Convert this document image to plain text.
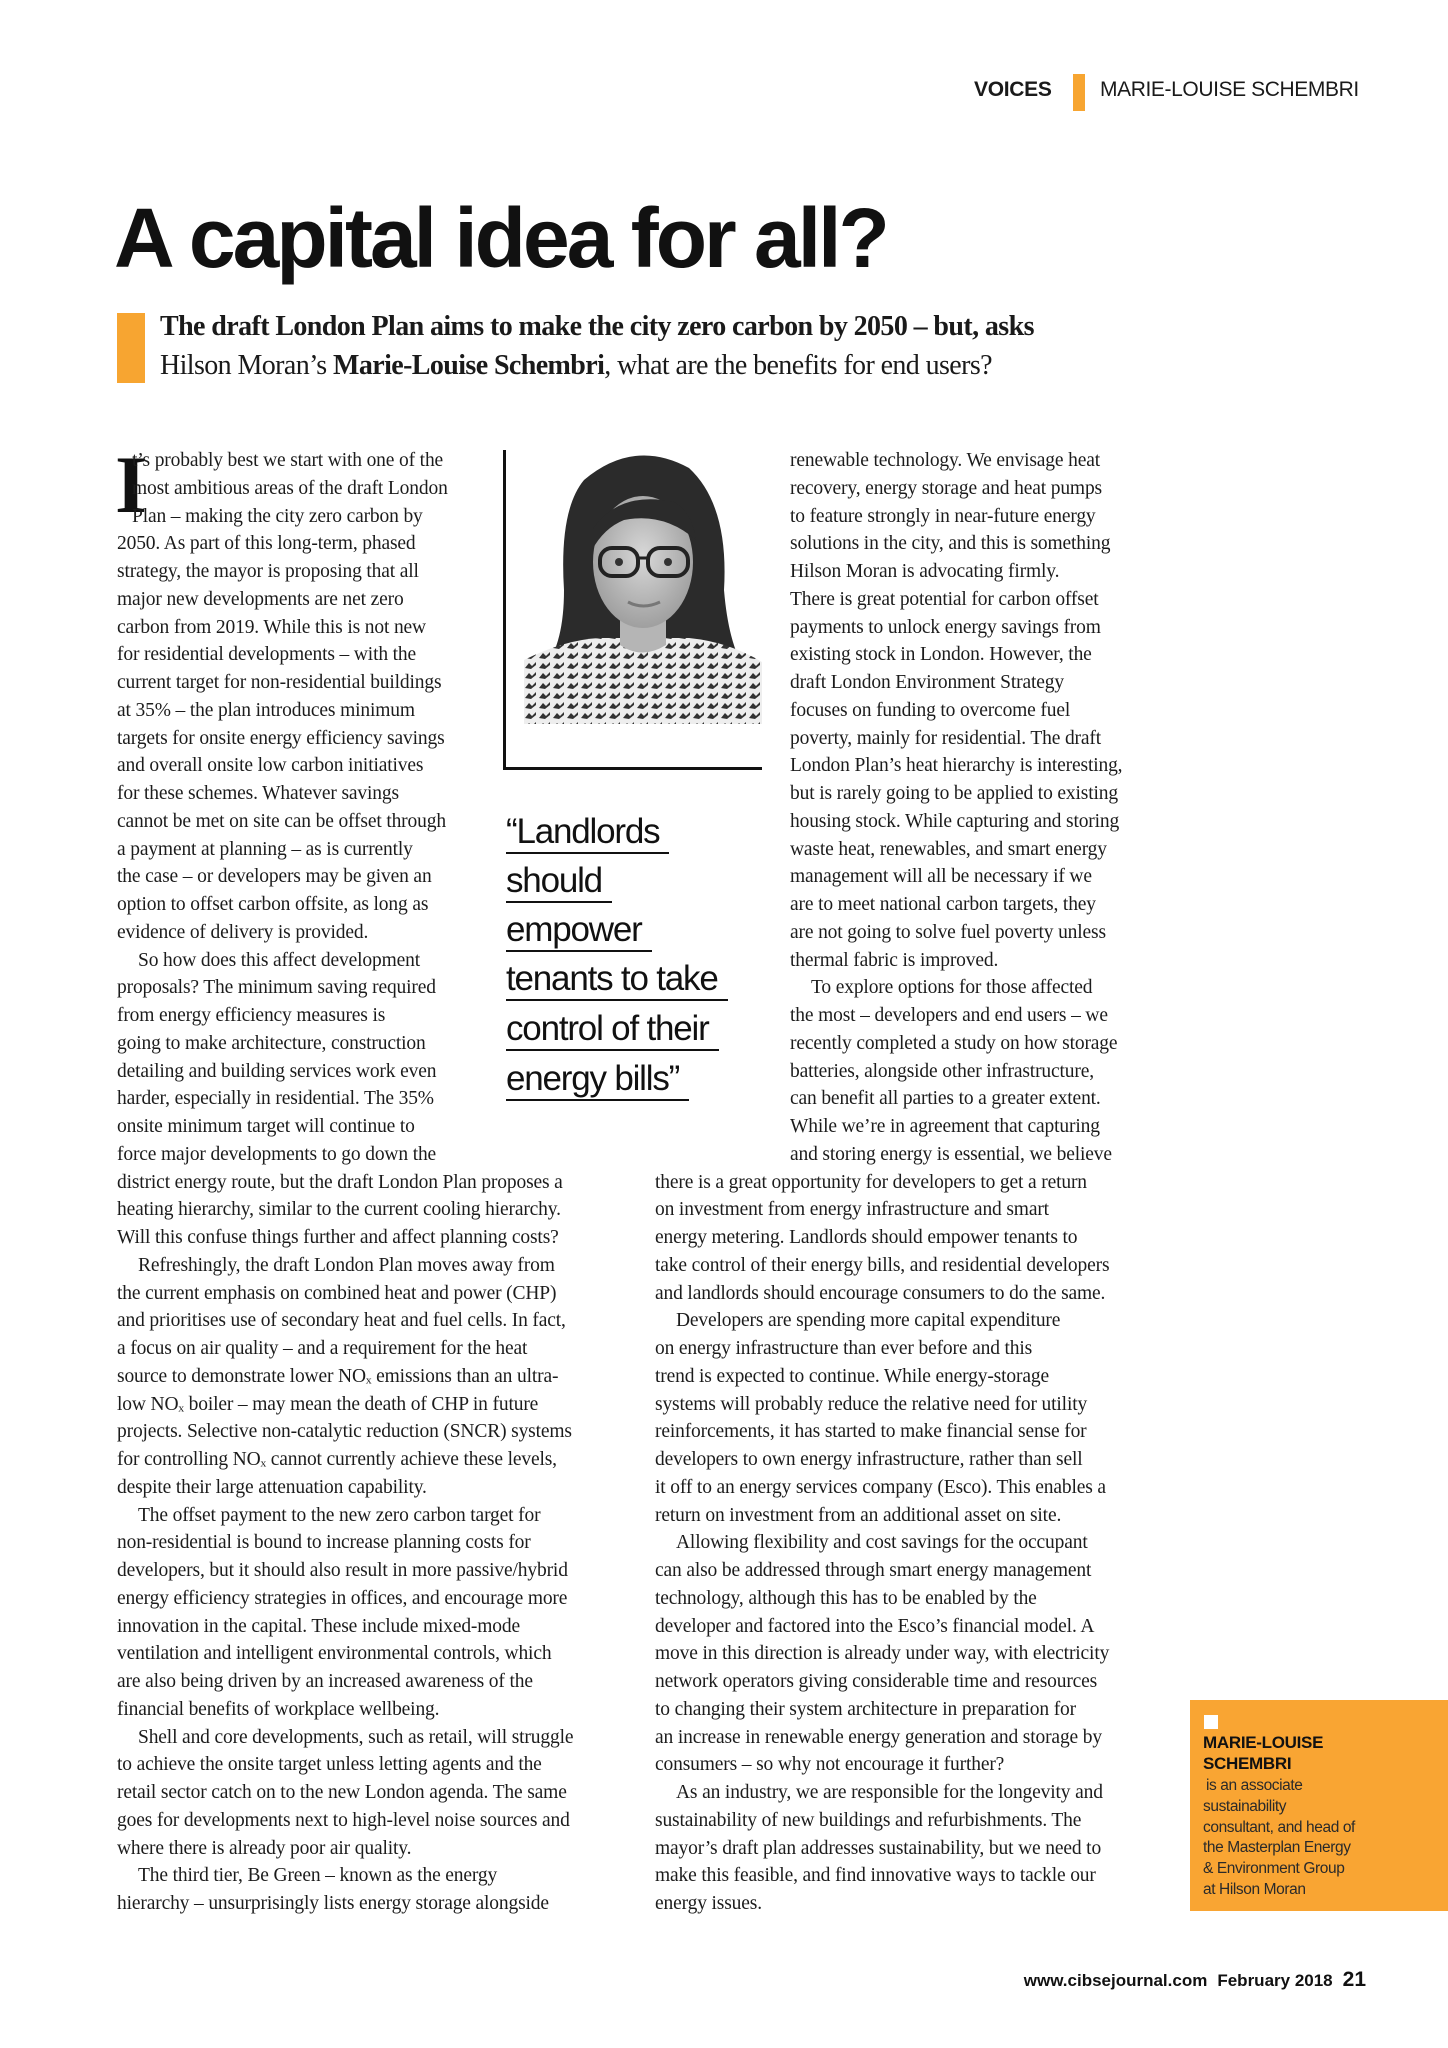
VOICES MARIE-LOUISE SCHEMBRI
A capital idea for all?
The draft London Plan aims to make the city zero carbon by 2050 – but, asks
Hilson Moran’s Marie-Louise Schembri, what are the benefits for end users?
I
t’s probably best we start with one of the
most ambitious areas of the draft London
Plan – making the city zero carbon by
2050. As part of this long-term, phased
strategy, the mayor is proposing that all
major new developments are net zero
carbon from 2019. While this is not new
for residential developments – with the
current target for non-residential buildings
at 35% – the plan introduces minimum
targets for onsite energy efficiency savings
and overall onsite low carbon initiatives
for these schemes. Whatever savings
cannot be met on site can be offset through
a payment at planning – as is currently
the case – or developers may be given an
option to offset carbon offsite, as long as
evidence of delivery is provided.
So how does this affect development
proposals? The minimum saving required
from energy efficiency measures is
going to make architecture, construction
detailing and building services work even
harder, especially in residential. The 35%
onsite minimum target will continue to
force major developments to go down the
district energy route, but the draft London Plan proposes a
heating hierarchy, similar to the current cooling hierarchy.
Will this confuse things further and affect planning costs?
Refreshingly, the draft London Plan moves away from
the current emphasis on combined heat and power (CHP)
and prioritises use of secondary heat and fuel cells. In fact,
a focus on air quality – and a requirement for the heat
source to demonstrate lower NOₓ emissions than an ultra-
low NOₓ boiler – may mean the death of CHP in future
projects. Selective non-catalytic reduction (SNCR) systems
for controlling NOₓ cannot currently achieve these levels,
despite their large attenuation capability.
The offset payment to the new zero carbon target for
non-residential is bound to increase planning costs for
developers, but it should also result in more passive/hybrid
energy efficiency strategies in offices, and encourage more
innovation in the capital. These include mixed-mode
ventilation and intelligent environmental controls, which
are also being driven by an increased awareness of the
financial benefits of workplace wellbeing.
Shell and core developments, such as retail, will struggle
to achieve the onsite target unless letting agents and the
retail sector catch on to the new London agenda. The same
goes for developments next to high-level noise sources and
where there is already poor air quality.
The third tier, Be Green – known as the energy
hierarchy – unsurprisingly lists energy storage alongside
renewable technology. We envisage heat
recovery, energy storage and heat pumps
to feature strongly in near-future energy
solutions in the city, and this is something
Hilson Moran is advocating firmly.
There is great potential for carbon offset
payments to unlock energy savings from
existing stock in London. However, the
draft London Environment Strategy
focuses on funding to overcome fuel
poverty, mainly for residential. The draft
London Plan’s heat hierarchy is interesting,
but is rarely going to be applied to existing
housing stock. While capturing and storing
waste heat, renewables, and smart energy
management will all be necessary if we
are to meet national carbon targets, they
are not going to solve fuel poverty unless
thermal fabric is improved.
To explore options for those affected
the most – developers and end users – we
recently completed a study on how storage
batteries, alongside other infrastructure,
can benefit all parties to a greater extent.
While we’re in agreement that capturing
and storing energy is essential, we believe
there is a great opportunity for developers to get a return
on investment from energy infrastructure and smart
energy metering. Landlords should empower tenants to
take control of their energy bills, and residential developers
and landlords should encourage consumers to do the same.
Developers are spending more capital expenditure
on energy infrastructure than ever before and this
trend is expected to continue. While energy-storage
systems will probably reduce the relative need for utility
reinforcements, it has started to make financial sense for
developers to own energy infrastructure, rather than sell
it off to an energy services company (Esco). This enables a
return on investment from an additional asset on site.
Allowing flexibility and cost savings for the occupant
can also be addressed through smart energy management
technology, although this has to be enabled by the
developer and factored into the Esco’s financial model. A
move in this direction is already under way, with electricity
network operators giving considerable time and resources
to changing their system architecture in preparation for
an increase in renewable energy generation and storage by
consumers – so why not encourage it further?
As an industry, we are responsible for the longevity and
sustainability of new buildings and refurbishments. The
mayor’s draft plan addresses sustainability, but we need to
make this feasible, and find innovative ways to tackle our
energy issues.
“Landlords
should
empower
tenants to take
control of their
energy bills”
MARIE-LOUISE
SCHEMBRI
is an associate
sustainability
consultant, and head of
the Masterplan Energy
& Environment Group
at Hilson Moran
www.cibsejournal.com February 2018 21
